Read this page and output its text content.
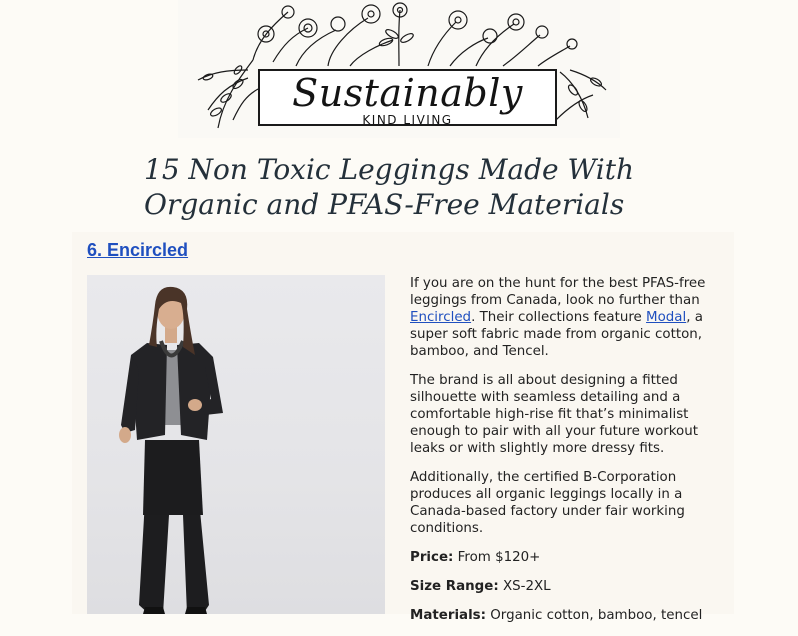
Sustainably
KIND LIVING
15 Non Toxic Leggings Made With Organic and PFAS-Free Materials
6. Encircled

If you are on the hunt for the best PFAS-free leggings from Canada, look no further than Encircled. Their collections feature Modal, a super soft fabric made from organic cotton, bamboo, and Tencel.

The brand is all about designing a fitted silhouette with seamless detailing and a comfortable high-rise fit that’s minimalist enough to pair with all your future workout leaks or with slightly more dressy fits.

Additionally, the certified B-Corporation produces all organic leggings locally in a Canada-based factory under fair working conditions.

Price: From $120+
Size Range: XS-2XL
Materials: Organic cotton, bamboo, tencel
